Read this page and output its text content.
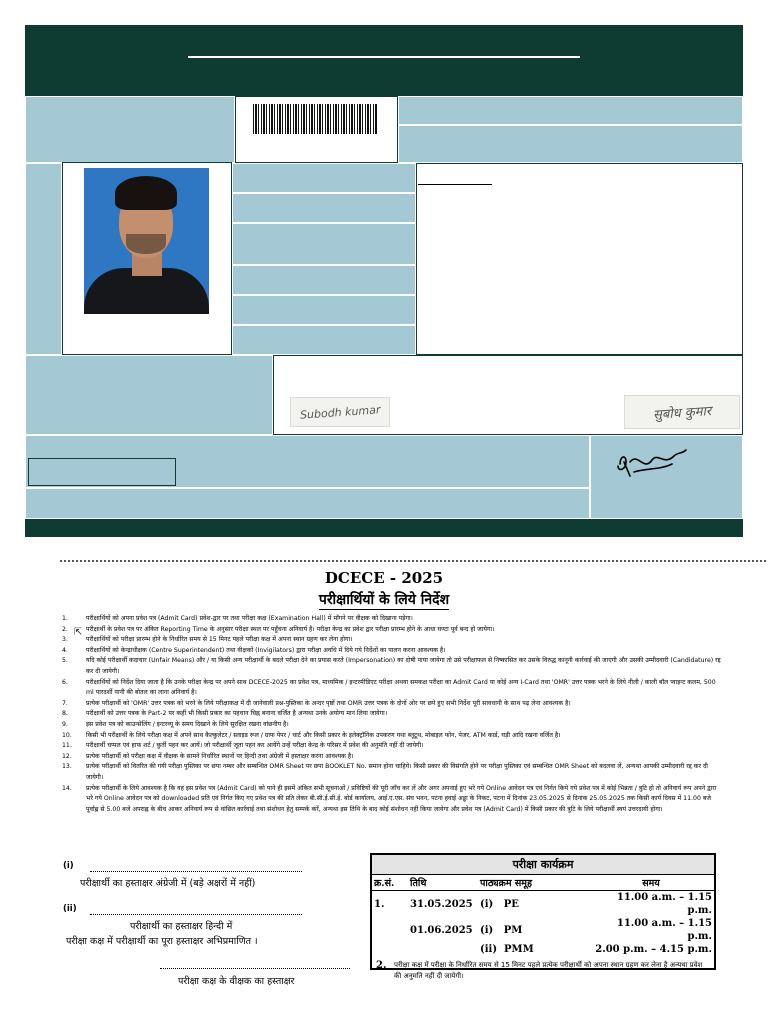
Subodh kumar	सुबोध कुमार
DCECE - 2025
परीक्षार्थियों के लिये निर्देश
⇱
1.	परीक्षार्थियों को अपना प्रवेश पत्र (Admit Card) प्रवेश-द्वार पर तथा परीक्षा कक्ष (Examination Hall) में माँगने पर वीक्षक को दिखाना पड़ेगा।
2.	परीक्षार्थी के प्रवेश पत्र पर अंकित Reporting Time के अनुसार परीक्षा स्थल पर पहुँचना अनिवार्य है। परीक्षा केन्द्र का प्रवेश द्वार परीक्षा प्रारम्भ होने के आधा घण्टा पूर्व बन्द हो जायेगा।
3.	परीक्षार्थियों को परीक्षा प्रारम्भ होने के निर्धारित समय से 15 मिनट पहले परीक्षा कक्ष में अपना स्थान ग्रहण कर लेना होगा।
4.	परीक्षार्थियों को केन्द्राधीक्षक (Centre Superintendent) तथा वीक्षकों (Invigilators) द्वारा परीक्षा अवधि में दिये गये निर्देशों का पालन करना आवश्यक है।
5.	यदि कोई परीक्षार्थी कदाचार (Unfair Means) और / या किसी अन्य परीक्षार्थी के बदले परीक्षा देने का प्रयास करते (Impersonation) का दोषी पाया जायेगा तो उसे परीक्षाफल से निष्कासित कर उसके विरुद्ध कानूनी कार्रवाई की जाएगी और उसकी उम्मीदवारी (Candidature) रद्द कर दी जायेगी।
6.	परीक्षार्थियों को निर्देश दिया जाता है कि उनके परीक्षा केन्द्र पर अपने साथ DCECE-2025 का प्रवेश पत्र, माध्यमिक / इन्टरमीडिएट परीक्षा अथवा समकक्ष परीक्षा का Admit Card या कोई अन्य I-Card तथा 'OMR' उत्तर पत्रक भरने के लिये नीली / काली बॉल प्वाइन्ट कलम, 500 ml पारदर्शी पानी की बोतल का लाना अनिवार्य है।
7.	प्रत्येक परीक्षार्थी को 'OMR' उत्तर पत्रक को भरने के लिये परीक्षाकक्ष में दी जानेवाली प्रश्न-पुस्तिका के अन्दर पृष्ठों तथा OMR उत्तर पत्रक के दोनों ओर पर छपे हुए सभी निर्देश पूरी सावधानी के साथ पढ़ लेना आवश्यक है।
8.	परीक्षार्थी को उत्तर पत्रक के Part-2 पर कहीं भी किसी प्रकार का पहचान चिह्न बनाना वर्जित है अन्यथा उनके अयोग्य मान लिया जायेगा।
9.	इस प्रवेश पत्र को काउन्सेलिंग / इन्टरव्यू के समय दिखाने के लिये सुरक्षित रखना वांछनीय है।
10.	किसी भी परीक्षार्थी के लिये परीक्षा कक्ष में अपने साथ कैल्कुलेटर / स्लाइड रूल / ग्राफ पेपर / चार्ट और किसी प्रकार के इलेक्ट्रॉनिक उपकरण यथा ब्लूटूथ, मोबाइल फोन, पेजर, ATM कार्ड, घड़ी आदि रखना वर्जित है।
11.	परीक्षार्थी चप्पल एवं हाफ शर्ट / कुर्ती पहन कर आयें। जो परीक्षार्थी जूता पहन कर आयेंगे उन्हें परीक्षा केन्द्र के परिसर में प्रवेश की अनुमति नहीं दी जायेगी।
12.	प्रत्येक परीक्षार्थी को परीक्षा कक्ष में वीक्षक के सामने निर्धारित स्थानों पर हिन्दी तथा अंग्रेजी में हस्ताक्षर करना आवश्यक है।
13.	प्रत्येक परीक्षार्थी को वितरित की गयी परीक्षा पुस्तिका पर छपा नम्बर और सम्बन्धित OMR Sheet पर छपा BOOKLET No. समान होना चाहिये। किसी प्रकार की विसंगति होने पर परीक्षा पुस्तिका एवं सम्बन्धित OMR Sheet को बदलवा लें, अन्यथा आपकी उम्मीदवारी रद्द कर दी जायेगी।
14.	प्रत्येक परीक्षार्थी के लिये आवश्यक है कि वह इस प्रवेश पत्र (Admit Card) को पाने ही इसमें अंकित सभी सूचनाओं / प्रविष्टियों की पूरी जाँच कर लें और अगर अपनाई हुए भरे गये Online आवेदन पत्र एवं निर्गत किये गये प्रवेश पत्र में कोई भिन्नता / त्रुटि हो तो अनिवार्य रूप अपने द्वारा भरे गये Online आवेदन पत्र को downloaded प्रति एवं निर्गत किए गए प्रवेश पत्र की प्रति लेकर बी.सी.ई.सी.ई. बोर्ड कार्यालय, आई.ए.एस. संघ भवन, पटना हवाई अड्डा के निकट, पटना में दिनांक 23.05.2025 से दिनांक 25.05.2025 तक किसी कार्य दिवस में 11.00 बजे पूर्वाह्न से 5.00 बजे अपराह्न के बीच आकर अनिवार्य रूप से वांछित कार्रवाई तथा संशोधन हेतु सम्पर्क करें, अन्यथा इस तिथि के बाद कोई संशोधन नहीं किया जायेगा और प्रवेश पत्र (Admit Card) में किसी प्रकार की त्रुटि के लिये परीक्षार्थी स्वयं उत्तरदायी होगा।
(i)
परीक्षार्थी का हस्ताक्षर अंग्रेजी में (बड़े अक्षरों में नहीं)
(ii)
परीक्षार्थी का हस्ताक्षर हिन्दी में
परीक्षा कक्ष में परीक्षार्थी का पूरा हस्ताक्षर अभिप्रमाणित ।
परीक्षा कक्ष के वीक्षक का हस्ताक्षर
परीक्षा कार्यक्रम
क्र.सं.	तिथि	पाठ्यक्रम समूह	समय
1.	31.05.2025	(i)   PE	11.00 a.m. – 1.15 p.m.
	01.06.2025	(i)   PM	11.00 a.m. – 1.15 p.m.
		(ii)  PMM	2.00 p.m. – 4.15 p.m.
2.	परीक्षा कक्ष में परीक्षा के निर्धारित समय से 15 मिनट पहले प्रत्येक परीक्षार्थी को अपना स्थान ग्रहण कर लेना है अन्यथा प्रवेश की अनुमति नहीं दी जायेगी।
